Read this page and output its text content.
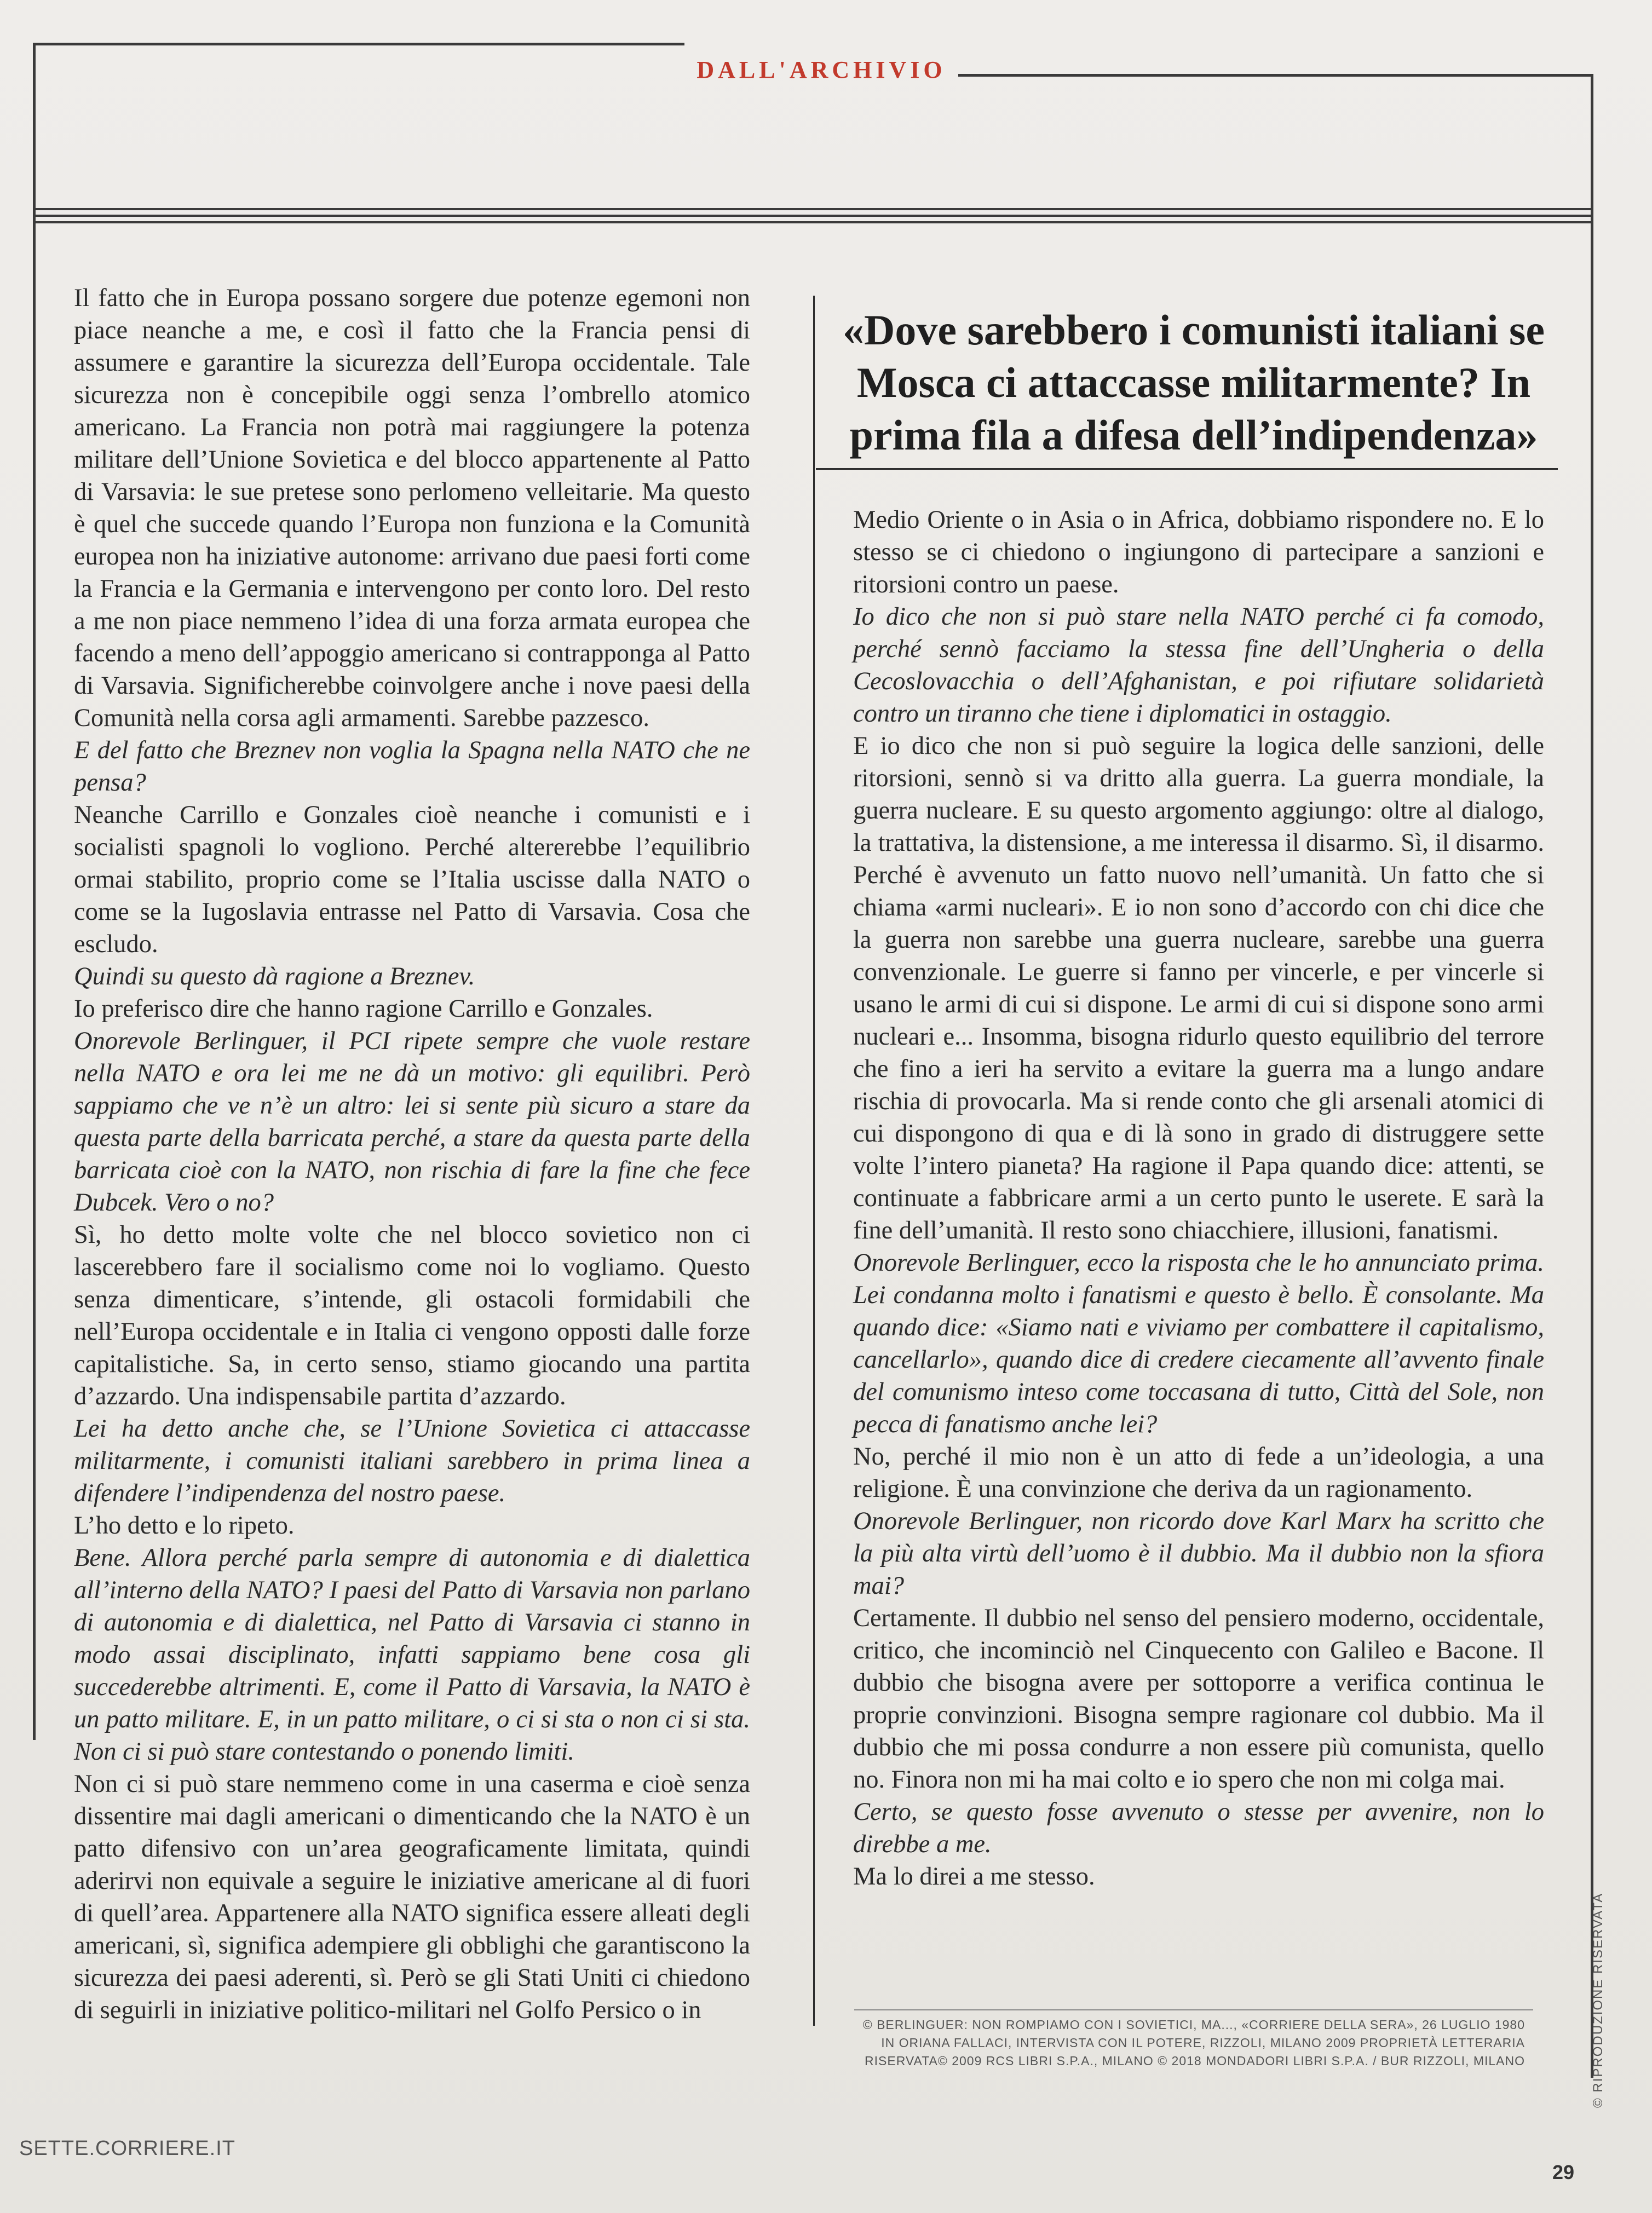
DALL'ARCHIVIO

Il fatto che in Europa possano sorgere due potenze egemoni non piace neanche a me, e così il fatto che la Francia pensi di assumere e garantire la sicurezza dell’Europa occidentale. Tale sicurezza non è concepibile oggi senza l’ombrello atomico americano. La Francia non potrà mai raggiungere la potenza militare dell’Unione Sovietica e del blocco appartenente al Patto di Varsavia: le sue pretese sono perlomeno velleitarie. Ma questo è quel che succede quando l’Europa non funziona e la Comunità europea non ha iniziative autonome: arrivano due paesi forti come la Francia e la Germania e intervengono per conto loro. Del resto a me non piace nemmeno l’idea di una forza armata europea che facendo a meno dell’appoggio americano si contrapponga al Patto di Varsavia. Significherebbe coinvolgere anche i nove paesi della Comunità nella corsa agli armamenti. Sarebbe pazzesco.

E del fatto che Breznev non voglia la Spagna nella NATO che ne pensa?

Neanche Carrillo e Gonzales cioè neanche i comunisti e i socialisti spagnoli lo vogliono. Perché altererebbe l’equilibrio ormai stabilito, proprio come se l’Italia uscisse dalla NATO o come se la Iugoslavia entrasse nel Patto di Varsavia. Cosa che escludo.

Quindi su questo dà ragione a Breznev.

Io preferisco dire che hanno ragione Carrillo e Gonzales.

Onorevole Berlinguer, il PCI ripete sempre che vuole restare nella NATO e ora lei me ne dà un motivo: gli equilibri. Però sappiamo che ve n’è un altro: lei si sente più sicuro a stare da questa parte della barricata perché, a stare da questa parte della barricata cioè con la NATO, non rischia di fare la fine che fece Dubcek. Vero o no?

Sì, ho detto molte volte che nel blocco sovietico non ci lascerebbero fare il socialismo come noi lo vogliamo. Questo senza dimenticare, s’intende, gli ostacoli formidabili che nell’Europa occidentale e in Italia ci vengono opposti dalle forze capitalistiche. Sa, in certo senso, stiamo giocando una partita d’azzardo. Una indispensabile partita d’azzardo.

Lei ha detto anche che, se l’Unione Sovietica ci attaccasse militarmente, i comunisti italiani sarebbero in prima linea a difendere l’indipendenza del nostro paese.

L’ho detto e lo ripeto.

Bene. Allora perché parla sempre di autonomia e di dialettica all’interno della NATO? I paesi del Patto di Varsavia non parlano di autonomia e di dialettica, nel Patto di Varsavia ci stanno in modo assai disciplinato, infatti sappiamo bene cosa gli succederebbe altrimenti. E, come il Patto di Varsavia, la NATO è un patto militare. E, in un patto militare, o ci si sta o non ci si sta. Non ci si può stare contestando o ponendo limiti.

Non ci si può stare nemmeno come in una caserma e cioè senza dissentire mai dagli americani o dimenticando che la NATO è un patto difensivo con un’area geograficamente limitata, quindi aderirvi non equivale a seguire le iniziative americane al di fuori di quell’area. Appartenere alla NATO significa essere alleati degli americani, sì, significa adempiere gli obblighi che garantiscono la sicurezza dei paesi aderenti, sì. Però se gli Stati Uniti ci chiedono di seguirli in iniziative politico-militari nel Golfo Persico o in

«Dove sarebbero i comunisti italiani se Mosca ci attaccasse militarmente? In prima fila a difesa dell’indipendenza»

Medio Oriente o in Asia o in Africa, dobbiamo rispondere no. E lo stesso se ci chiedono o ingiungono di partecipare a sanzioni e ritorsioni contro un paese.

Io dico che non si può stare nella NATO perché ci fa comodo, perché sennò facciamo la stessa fine dell’Ungheria o della Cecoslovacchia o dell’Afghanistan, e poi rifiutare solidarietà contro un tiranno che tiene i diplomatici in ostaggio.

E io dico che non si può seguire la logica delle sanzioni, delle ritorsioni, sennò si va dritto alla guerra. La guerra mondiale, la guerra nucleare. E su questo argomento aggiungo: oltre al dialogo, la trattativa, la distensione, a me interessa il disarmo. Sì, il disarmo. Perché è avvenuto un fatto nuovo nell’umanità. Un fatto che si chiama «armi nucleari». E io non sono d’accordo con chi dice che la guerra non sarebbe una guerra nucleare, sarebbe una guerra convenzionale. Le guerre si fanno per vincerle, e per vincerle si usano le armi di cui si dispone. Le armi di cui si dispone sono armi nucleari e... Insomma, bisogna ridurlo questo equilibrio del terrore che fino a ieri ha servito a evitare la guerra ma a lungo andare rischia di provocarla. Ma si rende conto che gli arsenali atomici di cui dispongono di qua e di là sono in grado di distruggere sette volte l’intero pianeta? Ha ragione il Papa quando dice: attenti, se continuate a fabbricare armi a un certo punto le userete. E sarà la fine dell’umanità. Il resto sono chiacchiere, illusioni, fanatismi.

Onorevole Berlinguer, ecco la risposta che le ho annunciato prima. Lei condanna molto i fanatismi e questo è bello. È consolante. Ma quando dice: «Siamo nati e viviamo per combattere il capitalismo, cancellarlo», quando dice di credere ciecamente all’avvento finale del comunismo inteso come toccasana di tutto, Città del Sole, non pecca di fanatismo anche lei?

No, perché il mio non è un atto di fede a un’ideologia, a una religione. È una convinzione che deriva da un ragionamento.

Onorevole Berlinguer, non ricordo dove Karl Marx ha scritto che la più alta virtù dell’uomo è il dubbio. Ma il dubbio non la sfiora mai?

Certamente. Il dubbio nel senso del pensiero moderno, occidentale, critico, che incominciò nel Cinquecento con Galileo e Bacone. Il dubbio che bisogna avere per sottoporre a verifica continua le proprie convinzioni. Bisogna sempre ragionare col dubbio. Ma il dubbio che mi possa condurre a non essere più comunista, quello no. Finora non mi ha mai colto e io spero che non mi colga mai.

Certo, se questo fosse avvenuto o stesse per avvenire, non lo direbbe a me.

Ma lo direi a me stesso.

© BERLINGUER: NON ROMPIAMO CON I SOVIETICI, MA..., «CORRIERE DELLA SERA», 26 LUGLIO 1980 IN ORIANA FALLACI, INTERVISTA CON IL POTERE, RIZZOLI, MILANO 2009 PROPRIETÀ LETTERARIA RISERVATA© 2009 RCS LIBRI S.P.A., MILANO © 2018 MONDADORI LIBRI S.P.A. / BUR RIZZOLI, MILANO	© RIPRODUZIONE RISERVATA
SETTE.CORRIERE.IT
29
